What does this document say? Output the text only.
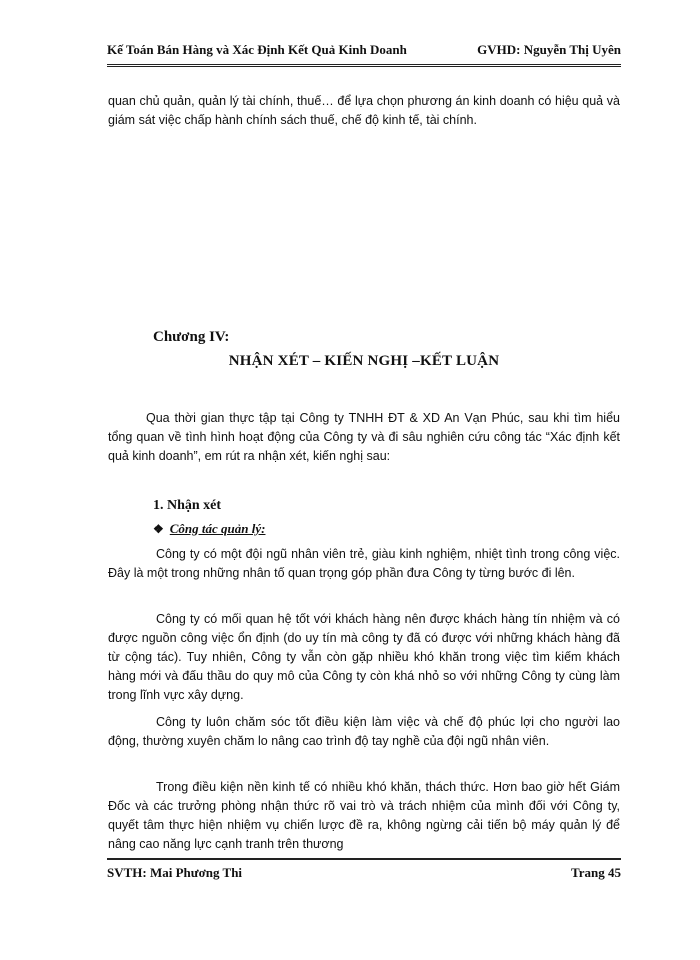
Kế Toán Bán Hàng và Xác Định Kết Quả Kinh Doanh	GVHD: Nguyễn Thị Uyên

quan chủ quản, quản lý tài chính, thuế… để lựa chọn phương án kinh doanh có hiệu quả và giám sát việc chấp hành chính sách thuế, chế độ kinh tế, tài chính.

Chương IV:
NHẬN XÉT – KIẾN NGHỊ –KẾT LUẬN

Qua thời gian thực tập tại Công ty TNHH ĐT & XD An Vạn Phúc, sau khi tìm hiểu tổng quan về tình hình hoạt động của Công ty và đi sâu nghiên cứu công tác “Xác định kết quả kinh doanh”, em rút ra nhận xét, kiến nghị sau:

1. Nhận xét
❖ Công tác quản lý:

Công ty có một đội ngũ nhân viên trẻ, giàu kinh nghiệm, nhiệt tình trong công việc. Đây là một trong những nhân tố quan trọng góp phần đưa Công ty từng bước đi lên.

Công ty có mối quan hệ tốt với khách hàng nên được khách hàng tín nhiệm và có được nguồn công việc ổn định (do uy tín mà công ty đã có được với những khách hàng đã từ cộng tác). Tuy nhiên, Công ty vẫn còn gặp nhiều khó khăn trong việc tìm kiếm khách hàng mới và đấu thầu do quy mô của Công ty còn khá nhỏ so với những Công ty cùng làm trong lĩnh vực xây dựng.

Công ty luôn chăm sóc tốt điều kiện làm việc và chế độ phúc lợi cho người lao động, thường xuyên chăm lo nâng cao trình độ tay nghề của đội ngũ nhân viên.

Trong điều kiện nền kinh tế có nhiều khó khăn, thách thức. Hơn bao giờ hết Giám Đốc và các trưởng phòng nhận thức rõ vai trò và trách nhiệm của mình đối với Công ty, quyết tâm thực hiện nhiệm vụ chiến lược đề ra, không ngừng cải tiến bộ máy quản lý để nâng cao năng lực cạnh tranh trên thương

SVTH: Mai Phương Thi	Trang 45
